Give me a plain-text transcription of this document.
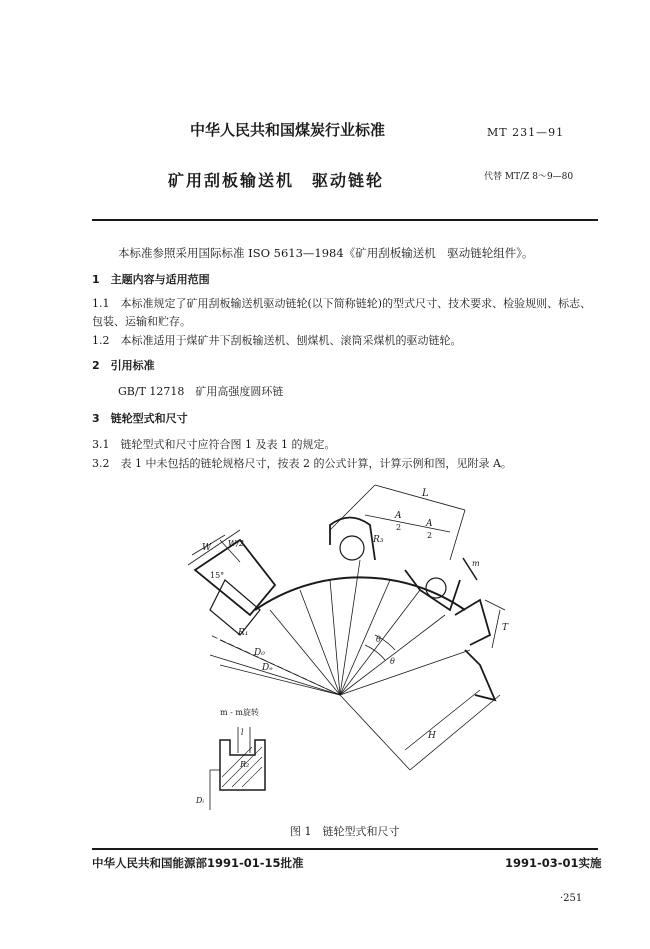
中华人民共和国煤炭行业标准	MT 231—91
矿用刮板输送机　驱动链轮	代替 MT/Z 8～9—80
本标准参照采用国际标准 ISO 5613—1984《矿用刮板输送机　驱动链轮组件》。
1　主题内容与适用范围
1.1　本标准规定了矿用刮板输送机驱动链轮(以下简称链轮)的型式尺寸、技术要求、检验规则、标志、
包装、运输和贮存。
1.2　本标准适用于煤矿井下刮板输送机、刨煤机、滚筒采煤机的驱动链轮。
2　引用标准
GB/T 12718　矿用高强度圆环链
3　链轮型式和尺寸
3.1　链轮型式和尺寸应符合图 1 及表 1 的规定。
3.2　表 1 中未包括的链轮规格尺寸，按表 2 的公式计算，计算示例和图，见附录 A。
L
A
2	A
2
R₃
W W/2
15°
m
T
R₁
D₀
Dₑ
θ
θ
H
m - m旋转
l
R₂
Dᵢ
图 1　链轮型式和尺寸
中华人民共和国能源部1991-01-15批准	1991-03-01实施
·251
